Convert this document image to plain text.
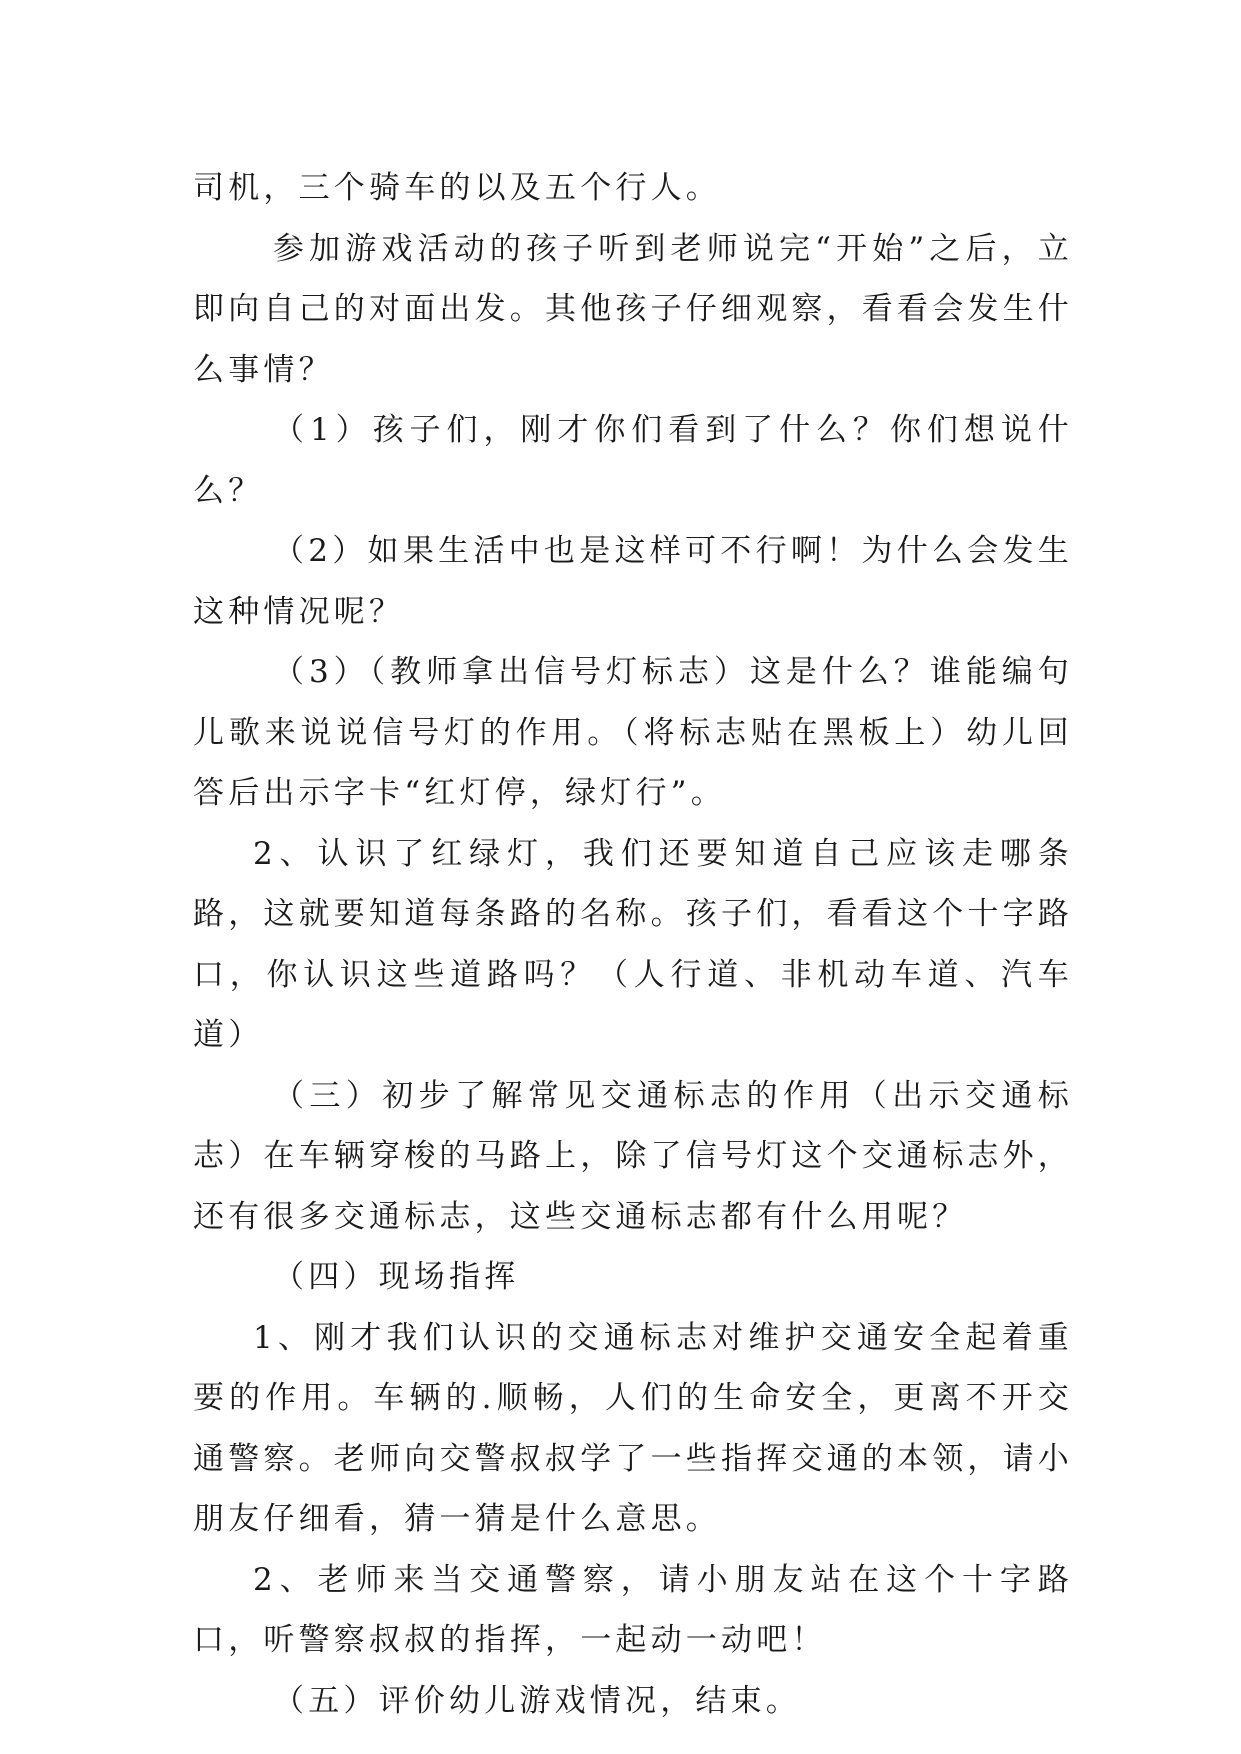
司机，三个骑车的以及五个行人。

参加游戏活动的孩子听到老师说完“开始”之后，立即向自己的对面出发。其他孩子仔细观察，看看会发生什么事情？

（1）孩子们，刚才你们看到了什么？你们想说什么？

（2）如果生活中也是这样可不行啊！为什么会发生这种情况呢？

（3）（教师拿出信号灯标志）这是什么？谁能编句儿歌来说说信号灯的作用。（将标志贴在黑板上）幼儿回答后出示字卡“红灯停，绿灯行”。

2、认识了红绿灯，我们还要知道自己应该走哪条路，这就要知道每条路的名称。孩子们，看看这个十字路口，你认识这些道路吗？（人行道、非机动车道、汽车道）

（三）初步了解常见交通标志的作用（出示交通标志）在车辆穿梭的马路上，除了信号灯这个交通标志外，还有很多交通标志，这些交通标志都有什么用呢？

（四）现场指挥

1、刚才我们认识的交通标志对维护交通安全起着重要的作用。车辆的.顺畅，人们的生命安全，更离不开交通警察。老师向交警叔叔学了一些指挥交通的本领，请小朋友仔细看，猜一猜是什么意思。

2、老师来当交通警察，请小朋友站在这个十字路口，听警察叔叔的指挥，一起动一动吧！

（五）评价幼儿游戏情况，结束。
